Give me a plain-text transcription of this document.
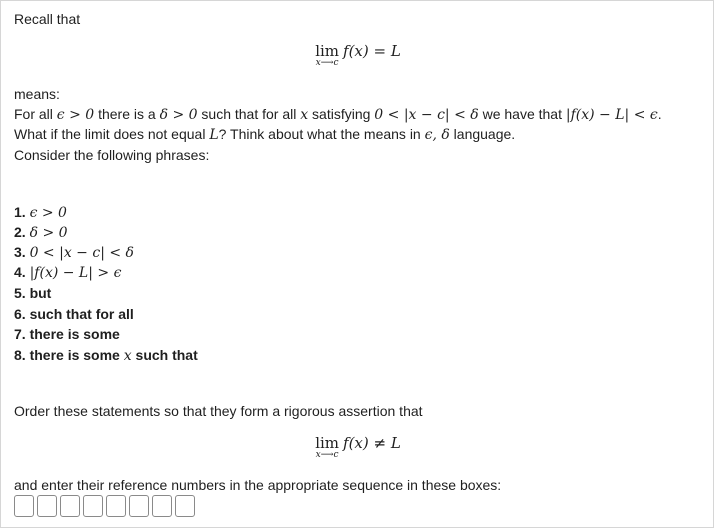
Recall that
lim
x⟶c
f(x) = L
means:
For all ϵ > 0 there is a δ > 0 such that for all x satisfying 0 < |x − c| < δ we have that |f(x) − L| < ϵ.
What if the limit does not equal L? Think about what the means in ϵ, δ language.
Consider the following phrases:
1. ϵ > 0
2. δ > 0
3. 0 < |x − c| < δ
4. |f(x) − L| > ϵ
5. but
6. such that for all
7. there is some
8. there is some x such that
Order these statements so that they form a rigorous assertion that
lim
x⟶c
f(x) ≠ L
and enter their reference numbers in the appropriate sequence in these boxes:
